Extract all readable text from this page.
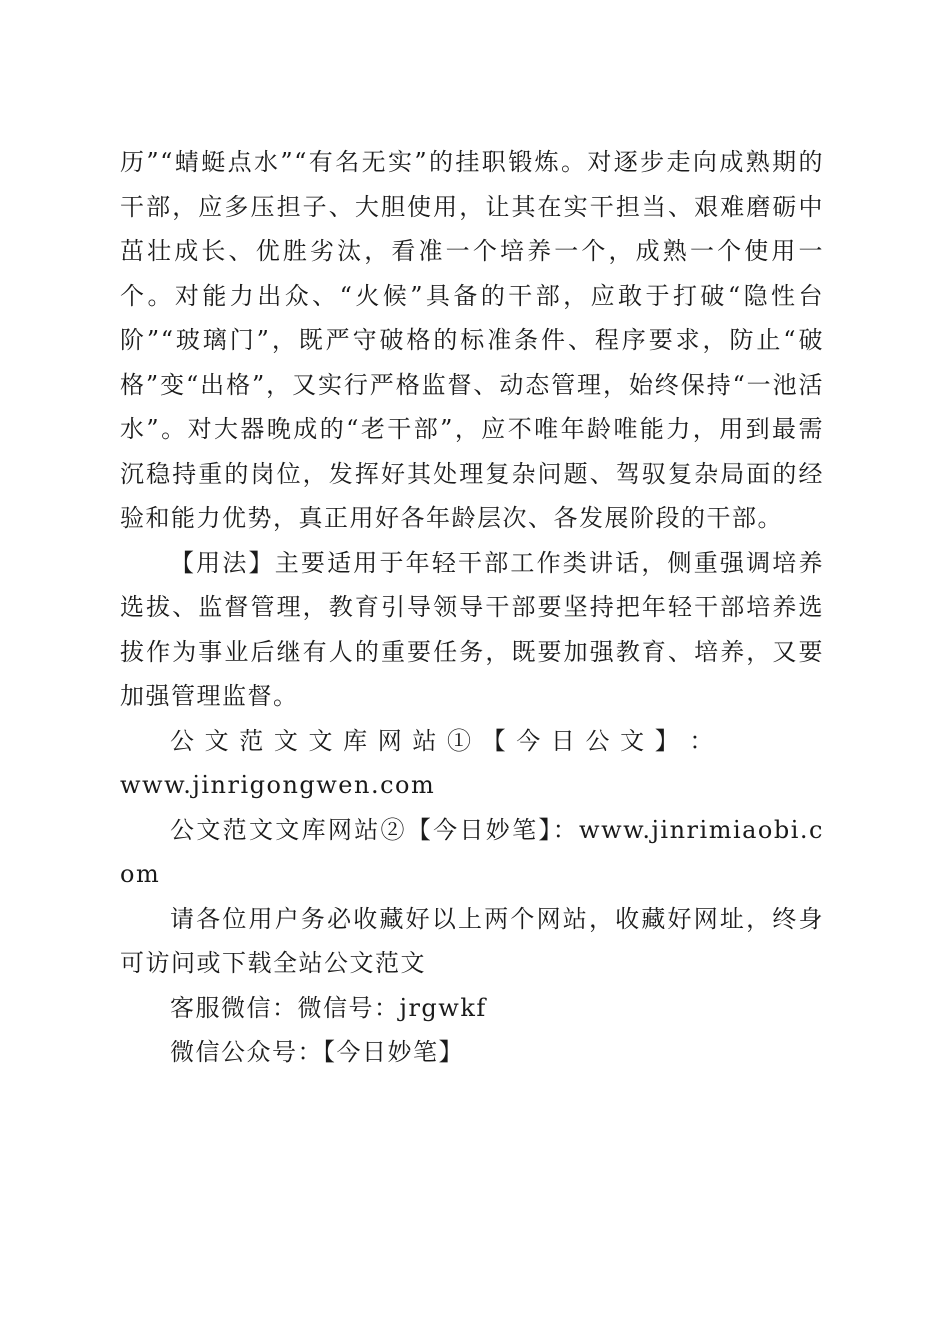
历”“蜻蜓点水”“有名无实”的挂职锻炼。对逐步走向成熟期的干部，应多压担子、大胆使用，让其在实干担当、艰难磨砺中茁壮成长、优胜劣汰，看准一个培养一个，成熟一个使用一个。对能力出众、“火候”具备的干部，应敢于打破“隐性台阶”“玻璃门”，既严守破格的标准条件、程序要求，防止“破格”变“出格”，又实行严格监督、动态管理，始终保持“一池活水”。对大器晚成的“老干部”，应不唯年龄唯能力，用到最需沉稳持重的岗位，发挥好其处理复杂问题、驾驭复杂局面的经验和能力优势，真正用好各年龄层次、各发展阶段的干部。

【用法】主要适用于年轻干部工作类讲话，侧重强调培养选拔、监督管理，教育引导领导干部要坚持把年轻干部培养选拔作为事业后继有人的重要任务，既要加强教育、培养，又要加强管理监督。

公 文 范 文 文 库 网 站 ① 【 今 日 公 文 】 ：

www.jinrigongwen.com

公文范文文库网站②【今日妙笔】：www.jinrimiaobi.com

请各位用户务必收藏好以上两个网站，收藏好网址，终身可访问或下载全站公文范文

客服微信：微信号：jrgwkf

微信公众号：【今日妙笔】
